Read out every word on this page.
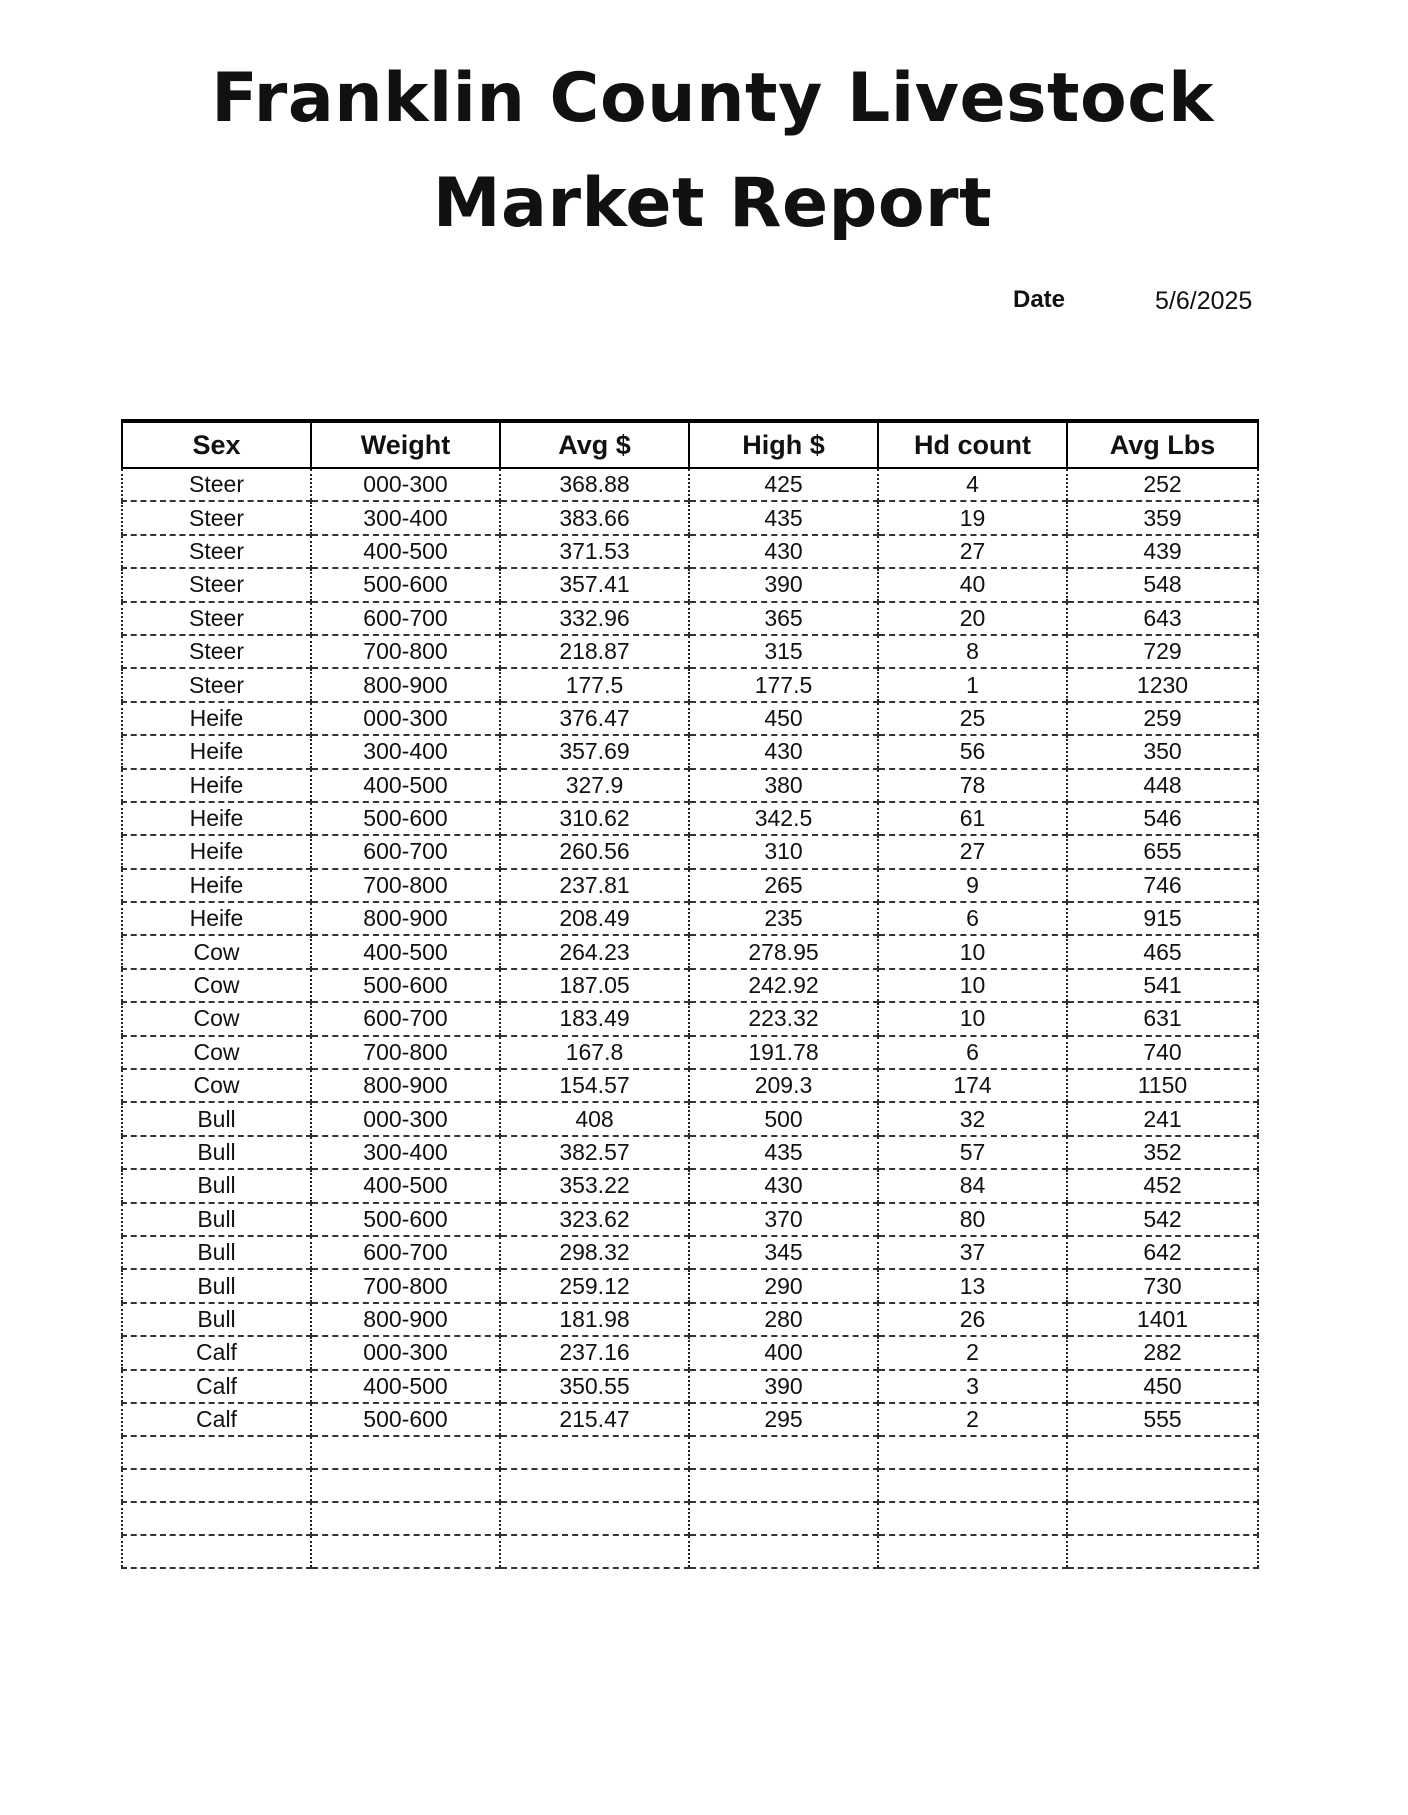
Franklin County Livestock
Market Report
Date	5/6/2025
Sex	Weight	Avg $	High $	Hd count	Avg Lbs
Steer	000-300	368.88	425	4	252
Steer	300-400	383.66	435	19	359
Steer	400-500	371.53	430	27	439
Steer	500-600	357.41	390	40	548
Steer	600-700	332.96	365	20	643
Steer	700-800	218.87	315	8	729
Steer	800-900	177.5	177.5	1	1230
Heife	000-300	376.47	450	25	259
Heife	300-400	357.69	430	56	350
Heife	400-500	327.9	380	78	448
Heife	500-600	310.62	342.5	61	546
Heife	600-700	260.56	310	27	655
Heife	700-800	237.81	265	9	746
Heife	800-900	208.49	235	6	915
Cow	400-500	264.23	278.95	10	465
Cow	500-600	187.05	242.92	10	541
Cow	600-700	183.49	223.32	10	631
Cow	700-800	167.8	191.78	6	740
Cow	800-900	154.57	209.3	174	1150
Bull	000-300	408	500	32	241
Bull	300-400	382.57	435	57	352
Bull	400-500	353.22	430	84	452
Bull	500-600	323.62	370	80	542
Bull	600-700	298.32	345	37	642
Bull	700-800	259.12	290	13	730
Bull	800-900	181.98	280	26	1401
Calf	000-300	237.16	400	2	282
Calf	400-500	350.55	390	3	450
Calf	500-600	215.47	295	2	555
